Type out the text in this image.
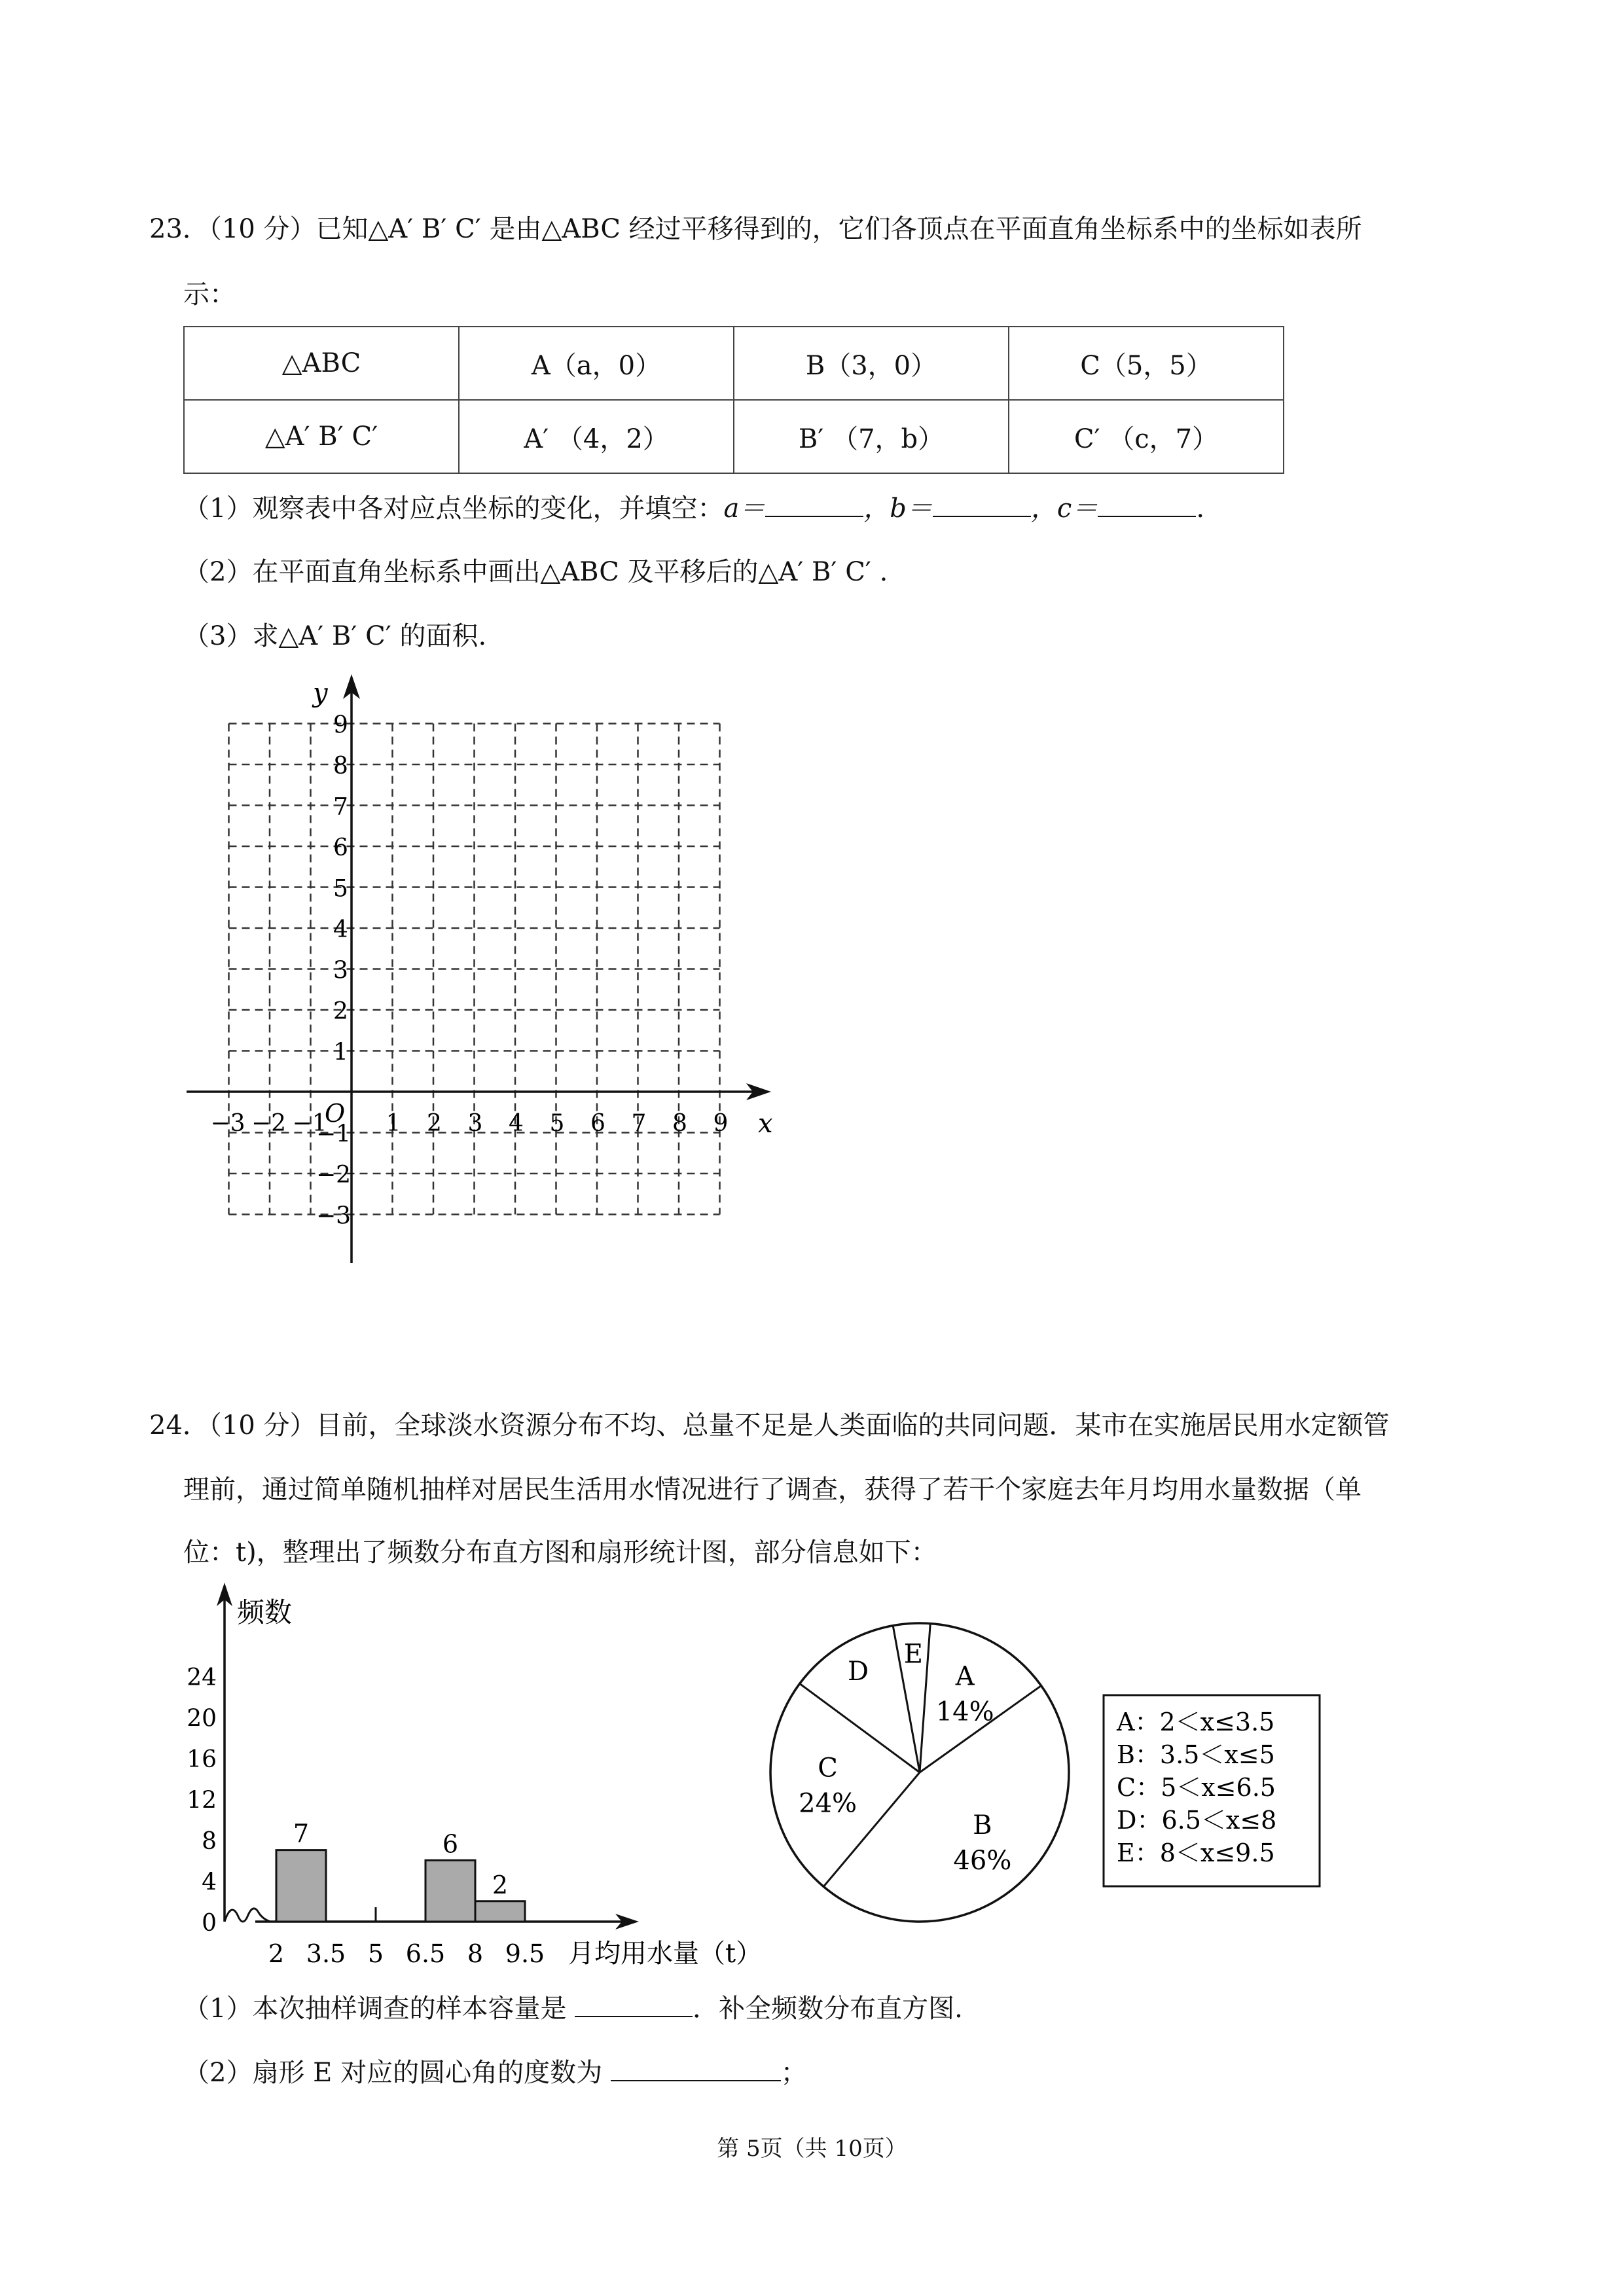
23．（10 分）已知△A′ B′ C′ 是由△ABC 经过平移得到的，它们各顶点在平面直角坐标系中的坐标如表所
示：
△ABC	A（a，0）	B（3，0）	C（5，5）
△A′ B′ C′	A′ （4，2）	B′ （7，b）	C′ （c，7）
（1）观察表中各对应点坐标的变化，并填空：a＝	，b＝	，c＝	.
（2）在平面直角坐标系中画出△ABC 及平移后的△A′ B′ C′ .
（3）求△A′ B′ C′ 的面积.
x
y
O
−3 −2 −1 1 2 3 4 5 6 7 8 9
9
8
7
6
5
4
3
2
1
−1
−2
−3
24．（10 分）目前，全球淡水资源分布不均、总量不足是人类面临的共同问题．某市在实施居民用水定额管
理前，通过简单随机抽样对居民生活用水情况进行了调查，获得了若干个家庭去年月均用水量数据（单
位：t)，整理出了频数分布直方图和扇形统计图，部分信息如下：
频数
月均用水量（t）
0
4
8
12
16
20
24
2 3.5 5 6.5 8 9.5
7	6
2
E
A
14%
B
46%
C
24%
D
A：2＜x≤3.5
B：3.5＜x≤5
C：5＜x≤6.5
D：6.5＜x≤8
E：8＜x≤9.5
（1）本次抽样调查的样本容量是	．补全频数分布直方图.
（2）扇形 E 对应的圆心角的度数为	；
第 5页（共 10页）
